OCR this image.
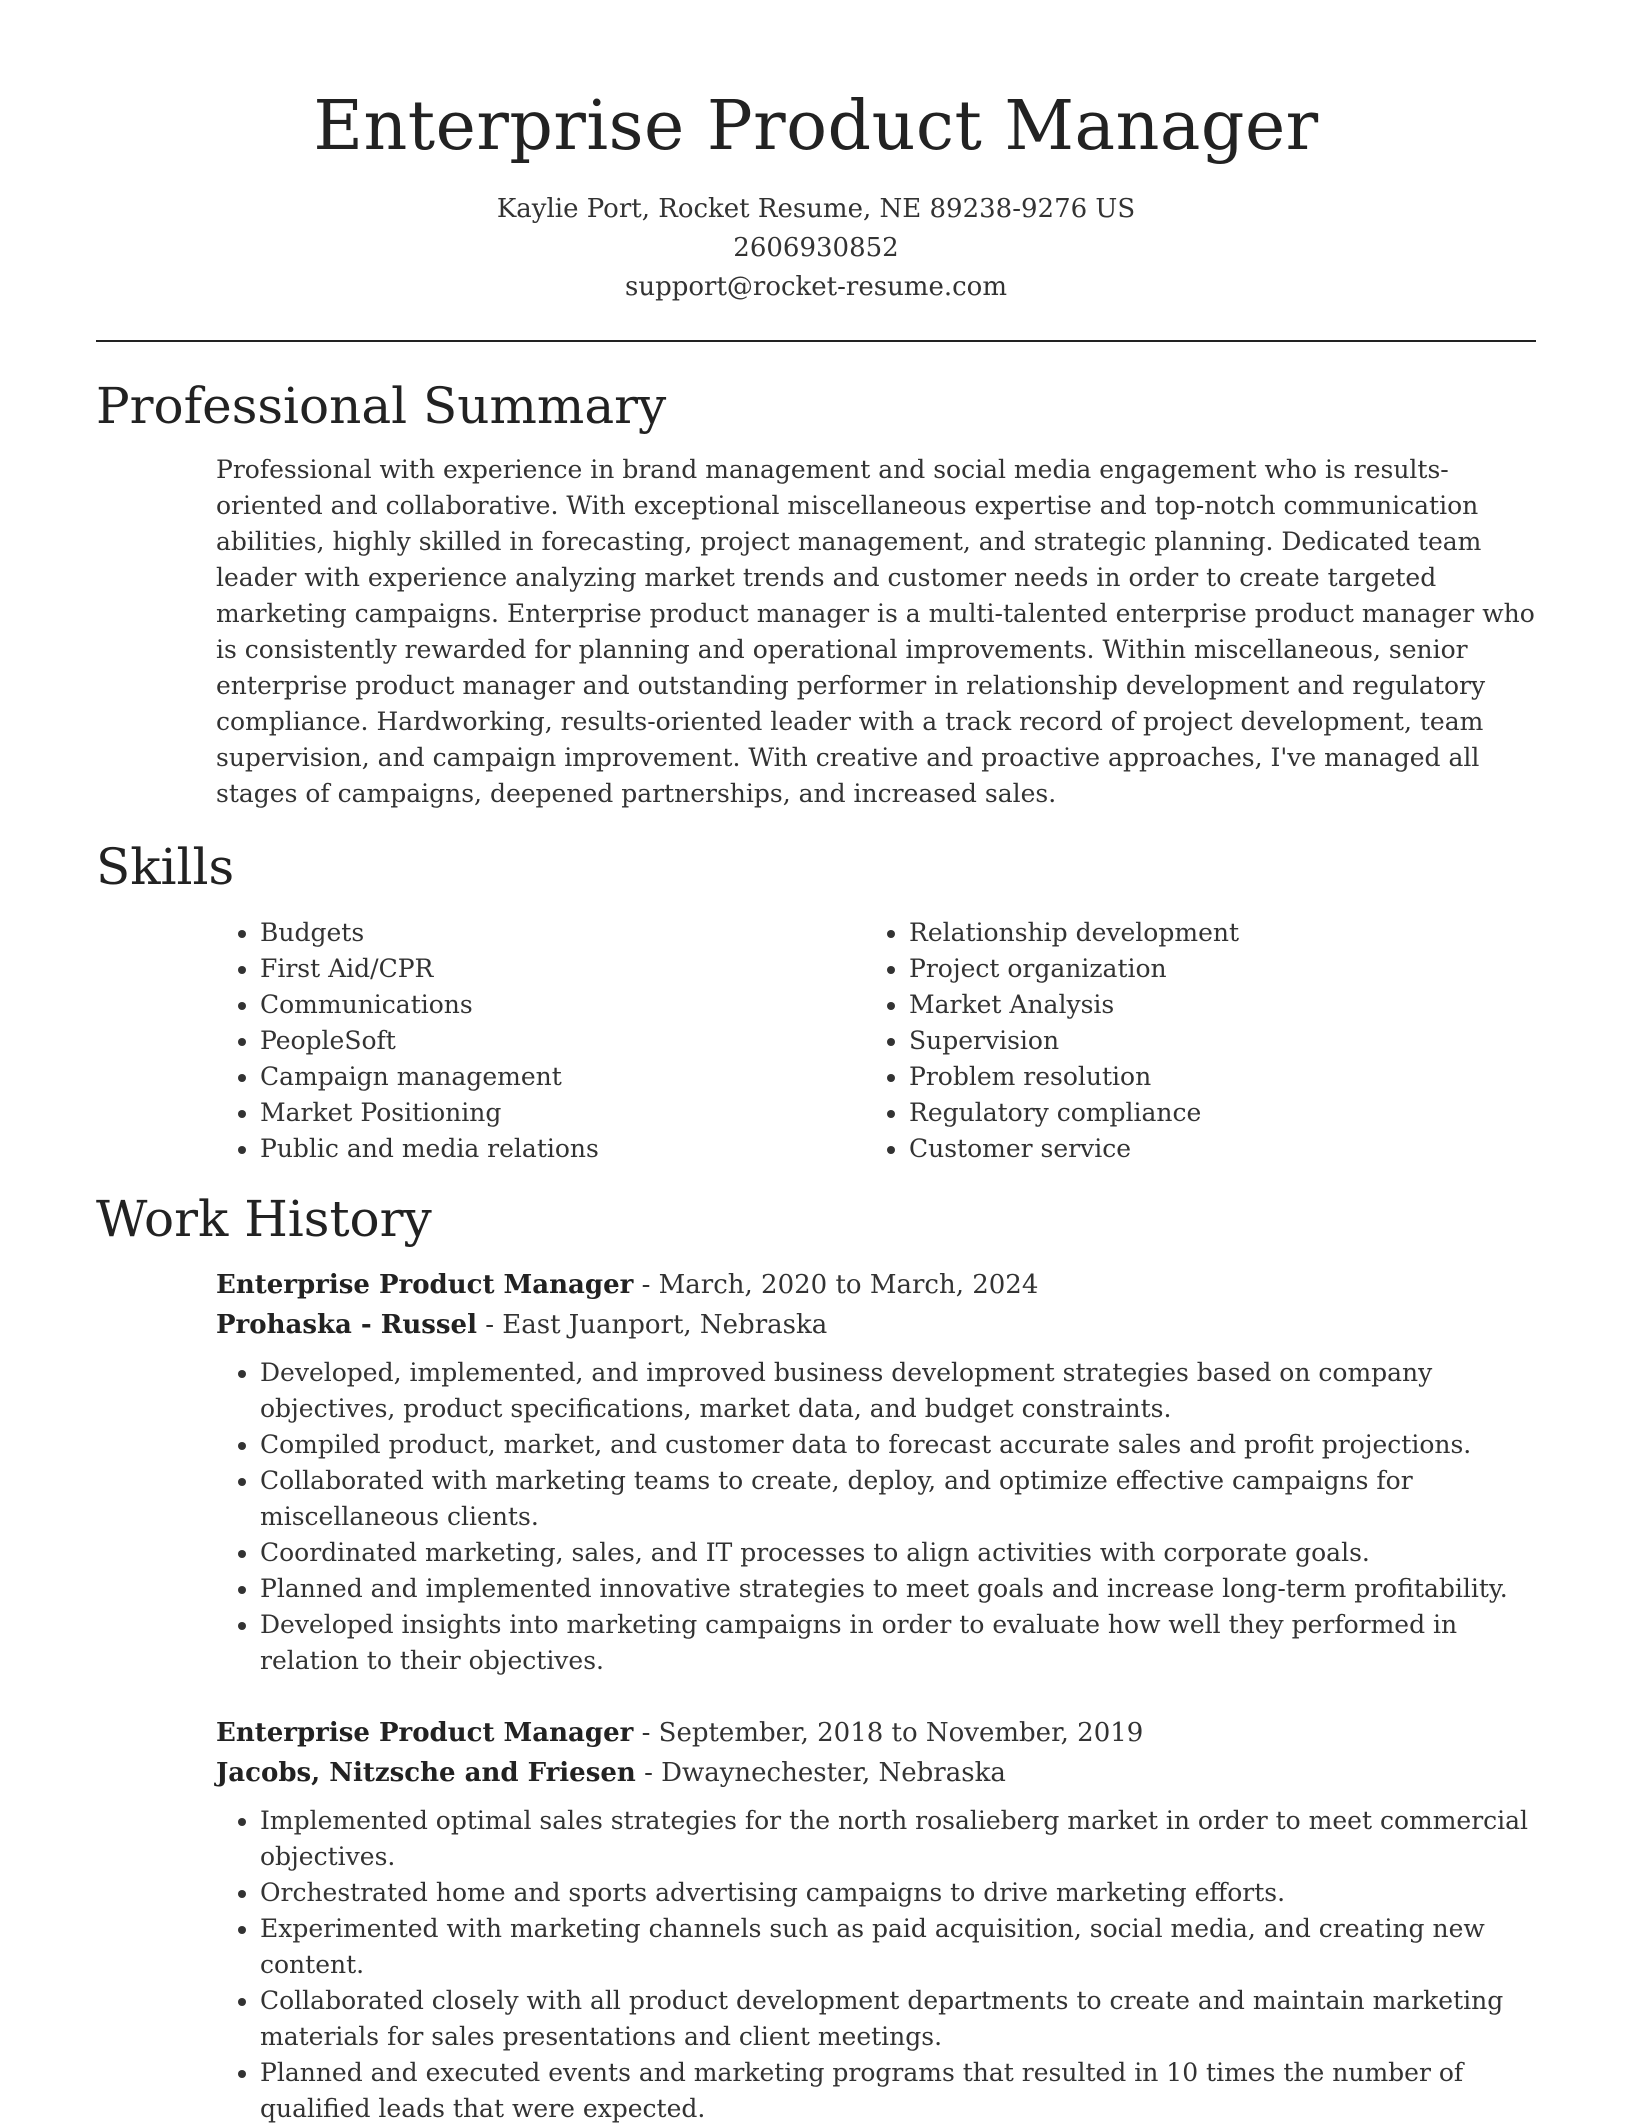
Enterprise Product Manager
Kaylie Port, Rocket Resume, NE 89238-9276 US
2606930852
support@rocket-resume.com
Professional Summary

Professional with experience in brand management and social media engagement who is results-oriented and collaborative. With exceptional miscellaneous expertise and top-notch communication abilities, highly skilled in forecasting, project management, and strategic planning. Dedicated team leader with experience analyzing market trends and customer needs in order to create targeted marketing campaigns. Enterprise product manager is a multi-talented enterprise product manager who is consistently rewarded for planning and operational improvements. Within miscellaneous, senior enterprise product manager and outstanding performer in relationship development and regulatory compliance. Hardworking, results-oriented leader with a track record of project development, team supervision, and campaign improvement. With creative and proactive approaches, I've managed all stages of campaigns, deepened partnerships, and increased sales.

Skills
• Budgets
• First Aid/CPR
• Communications
• PeopleSoft
• Campaign management
• Market Positioning
• Public and media relations
• Relationship development
• Project organization
• Market Analysis
• Supervision
• Problem resolution
• Regulatory compliance
• Customer service
Work History
Enterprise Product Manager - March, 2020 to March, 2024
Prohaska - Russel - East Juanport, Nebraska
• Developed, implemented, and improved business development strategies based on company objectives, product specifications, market data, and budget constraints.
• Compiled product, market, and customer data to forecast accurate sales and profit projections.
• Collaborated with marketing teams to create, deploy, and optimize effective campaigns for miscellaneous clients.
• Coordinated marketing, sales, and IT processes to align activities with corporate goals.
• Planned and implemented innovative strategies to meet goals and increase long-term profitability.
• Developed insights into marketing campaigns in order to evaluate how well they performed in relation to their objectives.
Enterprise Product Manager - September, 2018 to November, 2019
Jacobs, Nitzsche and Friesen - Dwaynechester, Nebraska
• Implemented optimal sales strategies for the north rosalieberg market in order to meet commercial objectives.
• Orchestrated home and sports advertising campaigns to drive marketing efforts.
• Experimented with marketing channels such as paid acquisition, social media, and creating new content.
• Collaborated closely with all product development departments to create and maintain marketing materials for sales presentations and client meetings.
• Planned and executed events and marketing programs that resulted in 10 times the number of qualified leads that were expected.
